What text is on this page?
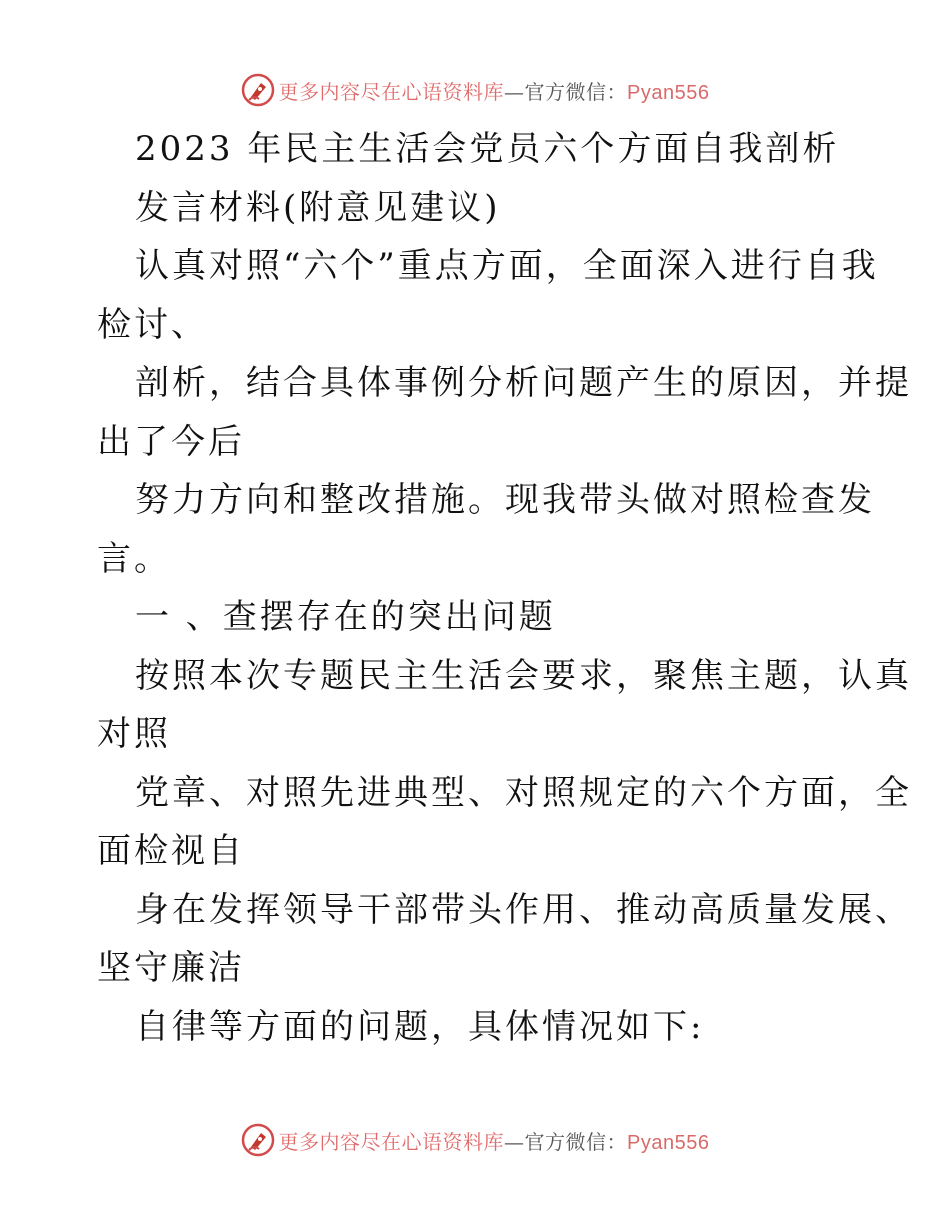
更多内容尽在心语资料库—官方微信：Pyan556
2023 年民主生活会党员六个方面自我剖析
发言材料(附意见建议)
认真对照“六个”重点方面，全面深入进行自我
检讨、
剖析，结合具体事例分析问题产生的原因，并提
出了今后
努力方向和整改措施。现我带头做对照检查发
言。
一 、查摆存在的突出问题
按照本次专题民主生活会要求，聚焦主题，认真
对照
党章、对照先进典型、对照规定的六个方面，全
面检视自
身在发挥领导干部带头作用、推动高质量发展、
坚守廉洁
自律等方面的问题，具体情况如下:
更多内容尽在心语资料库—官方微信：Pyan556
